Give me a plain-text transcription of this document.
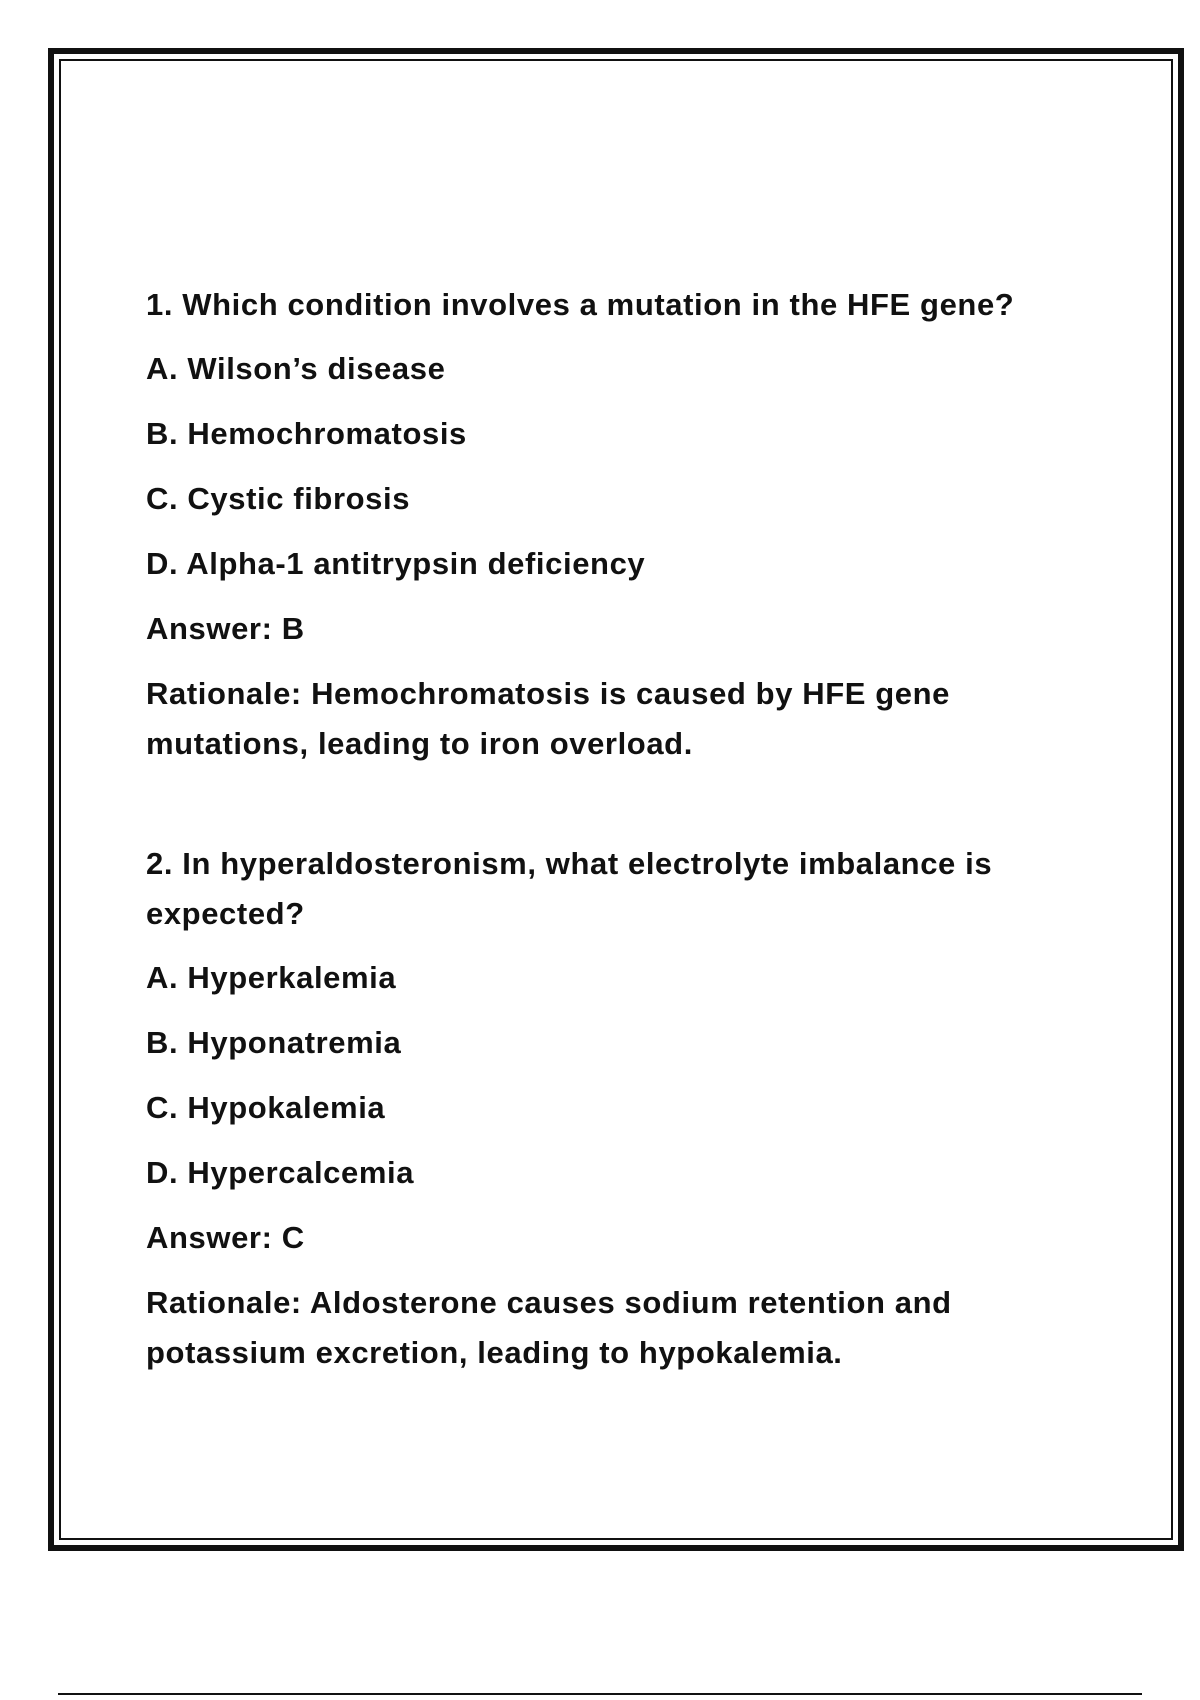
1. Which condition involves a mutation in the HFE gene?

A. Wilson’s disease

B. Hemochromatosis

C. Cystic fibrosis

D. Alpha-1 antitrypsin deficiency

Answer: B

Rationale: Hemochromatosis is caused by HFE gene mutations, leading to iron overload.

2. In hyperaldosteronism, what electrolyte imbalance is expected?

A. Hyperkalemia

B. Hyponatremia

C. Hypokalemia

D. Hypercalcemia

Answer: C

Rationale: Aldosterone causes sodium retention and potassium excretion, leading to hypokalemia.
